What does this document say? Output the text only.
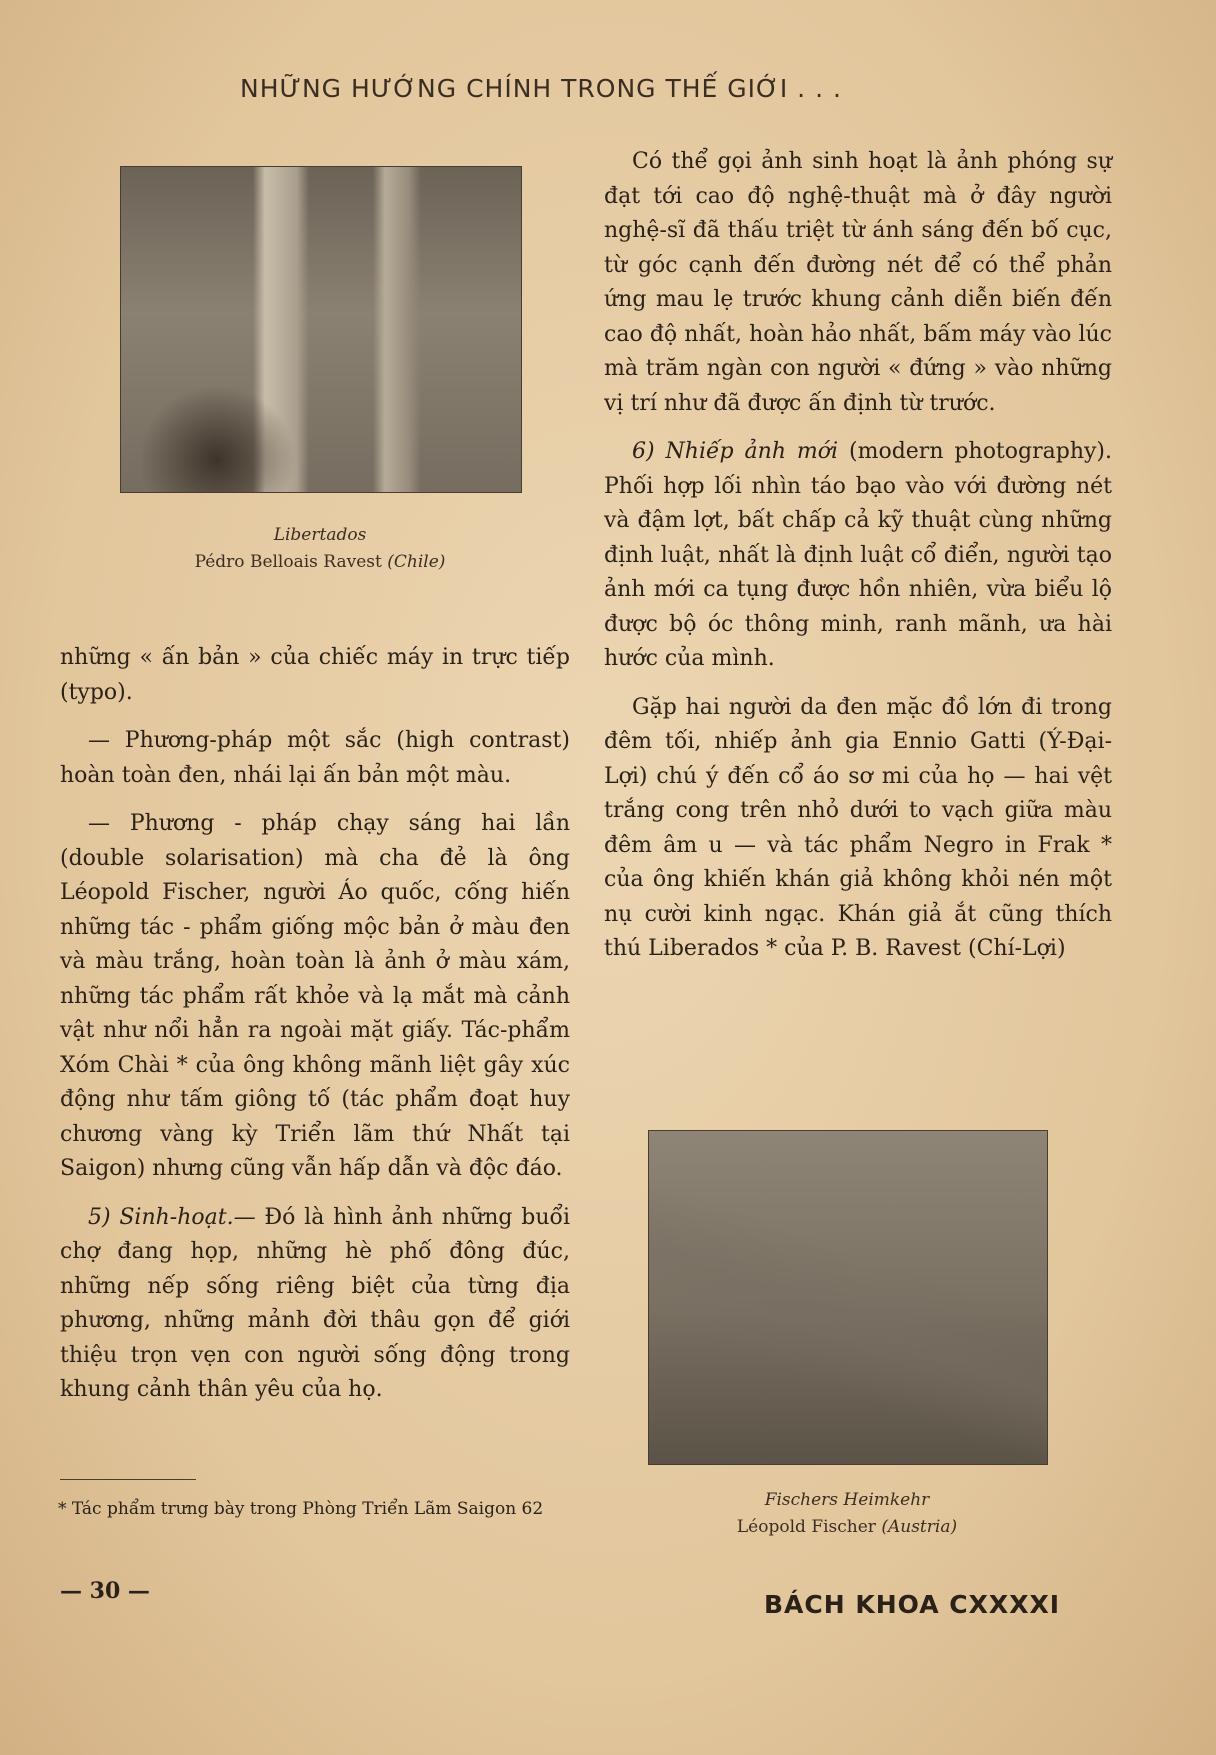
NHỮNG HƯỚNG CHÍNH TRONG THẾ GIỚI . . .
Libertados
Pédro Belloais Ravest (Chile)

những « ấn bản » của chiếc máy in trực tiếp (typo).

— Phương-pháp một sắc (high contrast) hoàn toàn đen, nhái lại ấn bản một màu.

— Phương - pháp chạy sáng hai lần (double solarisation) mà cha đẻ là ông Léopold Fischer, người Áo quốc, cống hiến những tác - phẩm giống mộc bản ở màu đen và màu trắng, hoàn toàn là ảnh ở màu xám, những tác phẩm rất khỏe và lạ mắt mà cảnh vật như nổi hẳn ra ngoài mặt giấy. Tác-phẩm Xóm Chài * của ông không mãnh liệt gây xúc động như tấm giông tố (tác phẩm đoạt huy chương vàng kỳ Triển lãm thứ Nhất tại Saigon) nhưng cũng vẫn hấp dẫn và độc đáo.

5) Sinh-hoạt.— Đó là hình ảnh những buổi chợ đang họp, những hè phố đông đúc, những nếp sống riêng biệt của từng địa phương, những mảnh đời thâu gọn để giới thiệu trọn vẹn con người sống động trong khung cảnh thân yêu của họ.

Có thể gọi ảnh sinh hoạt là ảnh phóng sự đạt tới cao độ nghệ-thuật mà ở đây người nghệ-sĩ đã thấu triệt từ ánh sáng đến bố cục, từ góc cạnh đến đường nét để có thể phản ứng mau lẹ trước khung cảnh diễn biến đến cao độ nhất, hoàn hảo nhất, bấm máy vào lúc mà trăm ngàn con người « đứng » vào những vị trí như đã được ấn định từ trước.

6) Nhiếp ảnh mới (modern photography). Phối hợp lối nhìn táo bạo vào với đường nét và đậm lợt, bất chấp cả kỹ thuật cùng những định luật, nhất là định luật cổ điển, người tạo ảnh mới ca tụng được hồn nhiên, vừa biểu lộ được bộ óc thông minh, ranh mãnh, ưa hài hước của mình.

Gặp hai người da đen mặc đồ lớn đi trong đêm tối, nhiếp ảnh gia Ennio Gatti (Ý-Đại-Lợi) chú ý đến cổ áo sơ mi của họ — hai vệt trắng cong trên nhỏ dưới to vạch giữa màu đêm âm u — và tác phẩm Negro in Frak * của ông khiến khán giả không khỏi nén một nụ cười kinh ngạc. Khán giả ắt cũng thích thú Liberados * của P. B. Ravest (Chí-Lợi)

Fischers Heimkehr
Léopold Fischer (Austria)
* Tác phẩm trưng bày trong Phòng Triển Lãm Saigon 62
— 30 —	BÁCH KHOA CXXXXI
